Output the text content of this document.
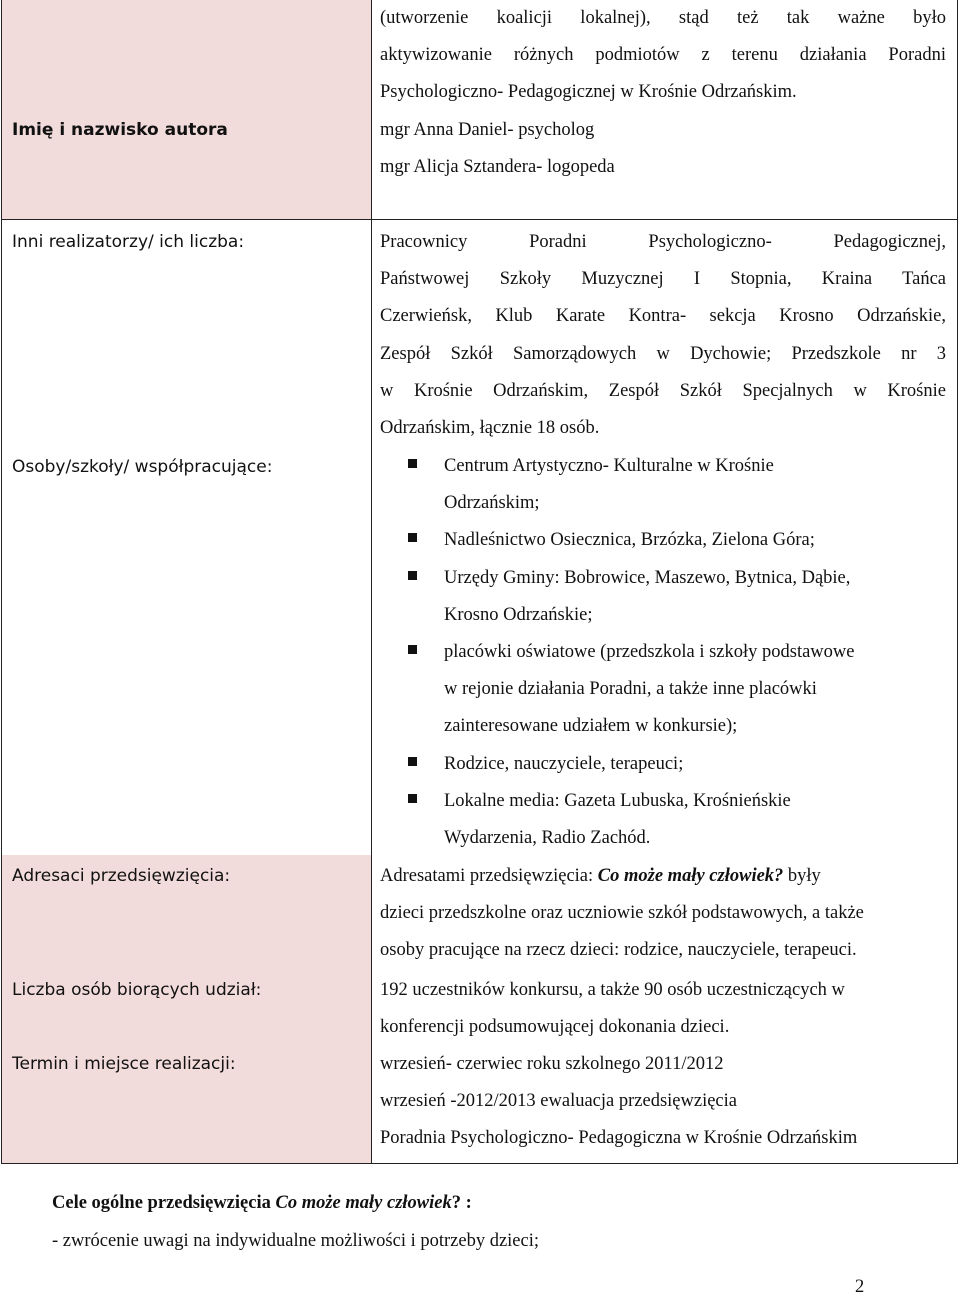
Imię i nazwisko autora
Inni realizatorzy/ ich liczba:
Osoby/szkoły/ współpracujące:
Adresaci przedsięwzięcia:
Liczba osób biorących udział:
Termin i miejsce realizacji:
(utworzenie koalicji lokalnej), stąd też tak ważne było
aktywizowanie różnych podmiotów z terenu działania Poradni
Psychologiczno- Pedagogicznej w Krośnie Odrzańskim.
mgr Anna Daniel- psycholog
mgr Alicja Sztandera- logopeda
Pracownicy Poradni Psychologiczno- Pedagogicznej,
Państwowej Szkoły Muzycznej I Stopnia, Kraina Tańca
Czerwieńsk, Klub Karate Kontra- sekcja Krosno Odrzańskie,
Zespół Szkół Samorządowych w Dychowie; Przedszkole nr 3
w Krośnie Odrzańskim, Zespół Szkół Specjalnych w Krośnie
Odrzańskim, łącznie 18 osób.
Centrum Artystyczno- Kulturalne w Krośnie
Odrzańskim;
Nadleśnictwo Osiecznica, Brzózka, Zielona Góra;
Urzędy Gminy: Bobrowice, Maszewo, Bytnica, Dąbie,
Krosno Odrzańskie;
placówki oświatowe (przedszkola i szkoły podstawowe
w rejonie działania Poradni, a także inne placówki
zainteresowane udziałem w konkursie);
Rodzice, nauczyciele, terapeuci;
Lokalne media: Gazeta Lubuska, Krośnieńskie
Wydarzenia, Radio Zachód.
Adresatami przedsięwzięcia: Co może mały człowiek? były
dzieci przedszkolne oraz uczniowie szkół podstawowych, a także
osoby pracujące na rzecz dzieci: rodzice, nauczyciele, terapeuci.
192 uczestników konkursu, a także 90 osób uczestniczących w
konferencji podsumowującej dokonania dzieci.
wrzesień- czerwiec roku szkolnego 2011/2012
wrzesień -2012/2013 ewaluacja przedsięwzięcia
Poradnia Psychologiczno- Pedagogiczna w Krośnie Odrzańskim
Cele ogólne przedsięwzięcia Co może mały człowiek? :
- zwrócenie uwagi na indywidualne możliwości i potrzeby dzieci;
2
